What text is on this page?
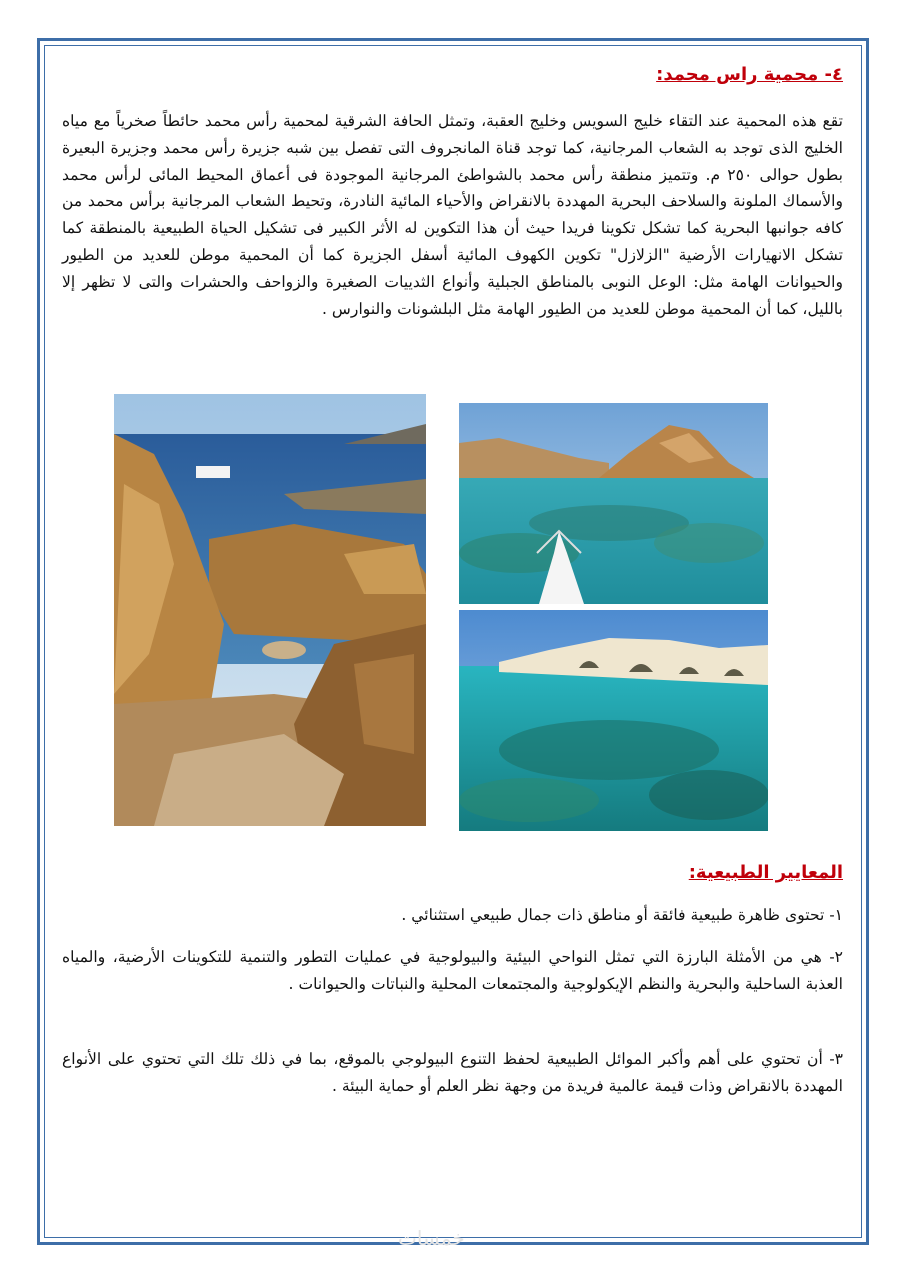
٤- محمية راس محمد:
تقع هذه المحمية عند التقاء خليج السويس وخليج العقبة، وتمثل الحافة الشرقية لمحمية رأس محمد حائطاً صخرياً مع مياه الخليج الذى توجد به الشعاب المرجانية، كما توجد قناة المانجروف التى تفصل بين شبه جزيرة رأس محمد وجزيرة البعيرة بطول حوالى ٢٥٠ م. وتتميز منطقة رأس محمد بالشواطئ المرجانية الموجودة فى أعماق المحيط المائى لرأس محمد والأسماك الملونة والسلاحف البحرية المهددة بالانقراض والأحياء المائية النادرة، وتحيط الشعاب المرجانية برأس محمد من كافه جوانبها البحرية كما تشكل تكوينا فريدا حيث أن هذا التكوين له الأثر الكبير فى تشكيل الحياة الطبيعية بالمنطقة كما تشكل الانهيارات الأرضية "الزلازل" تكوين الكهوف المائية أسفل الجزيرة كما أن المحمية موطن للعديد من الطيور والحيوانات الهامة مثل: الوعل النوبى بالمناطق الجبلية وأنواع الثدييات الصغيرة والزواحف والحشرات والتى لا تظهر إلا بالليل، كما أن المحمية موطن للعديد من الطيور الهامة مثل البلشونات والنوارس .
المعايير الطبيعية:
١- تحتوى ظاهرة طبيعية فائقة أو مناطق ذات جمال طبيعي استثنائي .
٢- هي من الأمثلة البارزة التي تمثل النواحي البيئية والبيولوجية في عمليات التطور والتنمية للتكوينات الأرضية، والمياه العذبة الساحلية والبحرية والنظم الإيكولوجية والمجتمعات المحلية والنباتات والحيوانات .
٣- أن تحتوي على أهم وأكبر الموائل الطبيعية لحفظ التنوع البيولوجي بالموقع، بما في ذلك تلك التي تحتوي على الأنواع المهددة بالانقراض وذات قيمة عالمية فريدة من وجهة نظر العلم أو حماية البيئة .
خمسات
